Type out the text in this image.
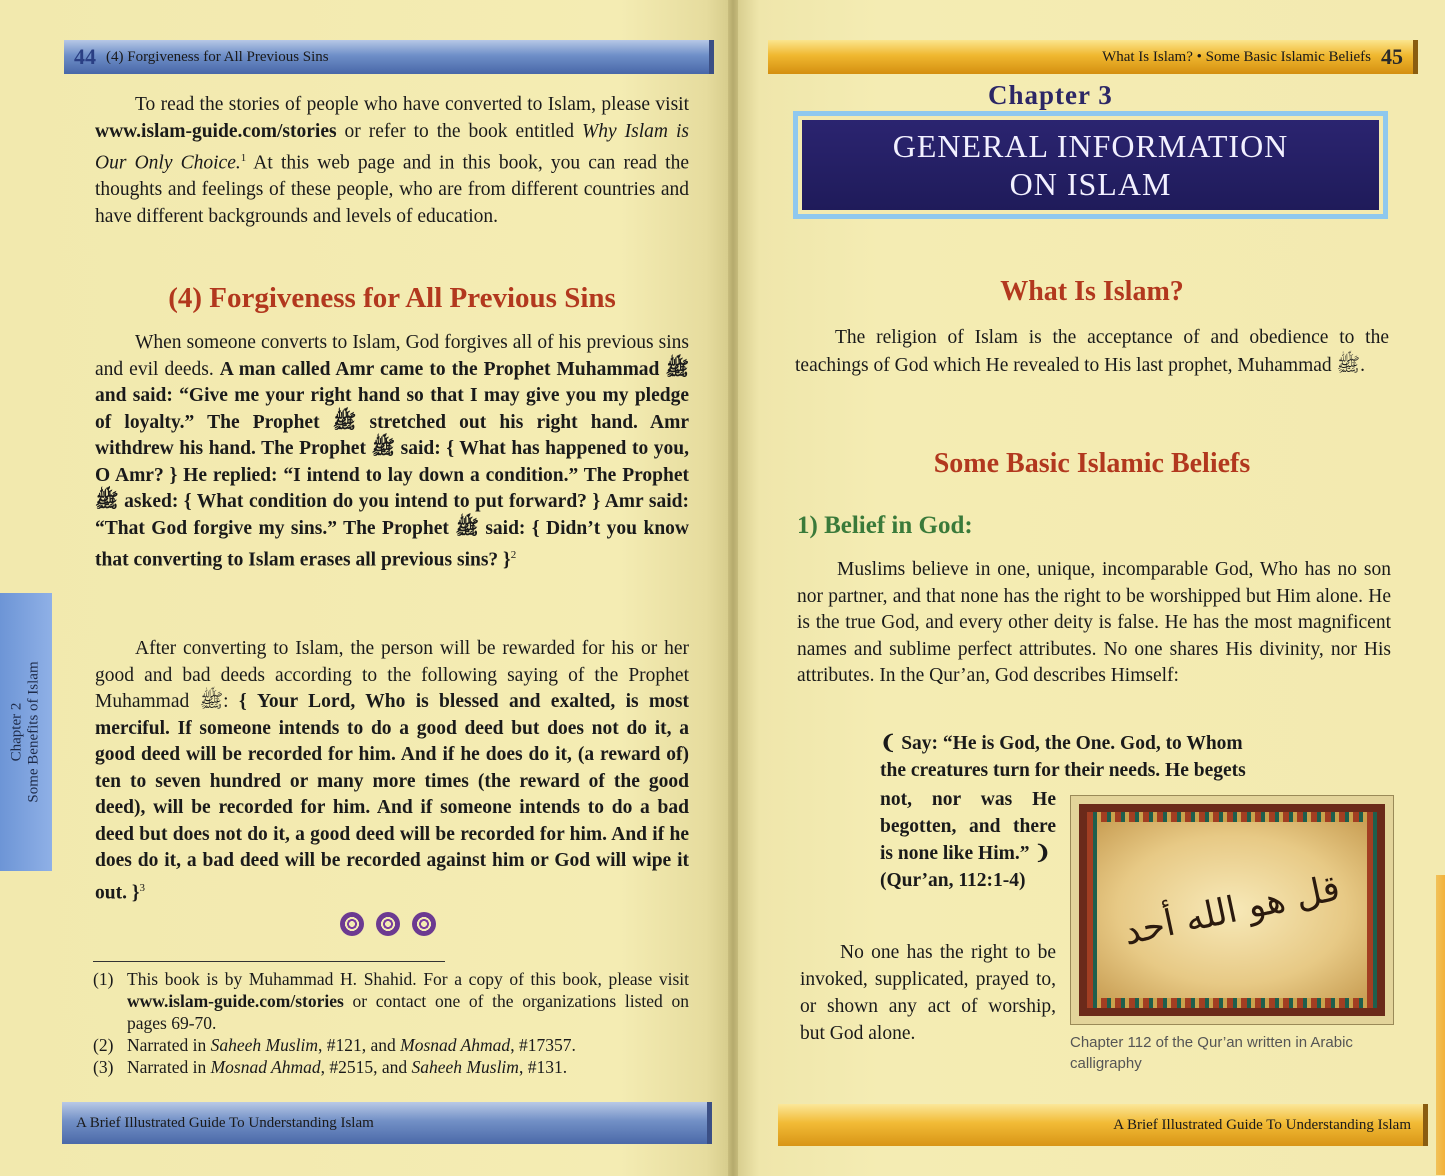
44 (4) Forgiveness for All Previous Sins

To read the stories of people who have converted to Islam, please visit www.islam-guide.com/stories or refer to the book entitled Why Islam is Our Only Choice.$^1$ At this web page and in this book, you can read the thoughts and feelings of these people, who are from different countries and have different backgrounds and levels of education.

(4) Forgiveness for All Previous Sins

When someone converts to Islam, God forgives all of his previous sins and evil deeds. A man called Amr came to the Prophet Muhammad ﷺ and said: “Give me your right hand so that I may give you my pledge of loyalty.” The Prophet ﷺ stretched out his right hand. Amr withdrew his hand. The Prophet ﷺ said: { What has happened to you, O Amr? } He replied: “I intend to lay down a condition.” The Prophet ﷺ asked: { What condition do you intend to put forward? } Amr said: “That God forgive my sins.” The Prophet ﷺ said: { Didn’t you know that converting to Islam erases all previous sins? }$^2$

After converting to Islam, the person will be rewarded for his or her good and bad deeds according to the following saying of the Prophet Muhammad ﷺ: { Your Lord, Who is blessed and exalted, is most merciful. If someone intends to do a good deed but does not do it, a good deed will be recorded for him. And if he does do it, (a reward of) ten to seven hundred or many more times (the reward of the good deed), will be recorded for him. And if someone intends to do a bad deed but does not do it, a good deed will be recorded for him. And if he does do it, a bad deed will be recorded against him or God will wipe it out. }$^3$

(1) This book is by Muhammad H. Shahid. For a copy of this book, please visit www.islam-guide.com/stories or contact one of the organizations listed on pages 69-70.
(2) Narrated in Saheeh Muslim, #121, and Mosnad Ahmad, #17357.
(3) Narrated in Mosnad Ahmad, #2515, and Saheeh Muslim, #131.
A Brief Illustrated Guide To Understanding Islam
Chapter 2 Some Benefits of Islam
What Is Islam? • Some Basic Islamic Beliefs 45
Chapter 3
GENERAL INFORMATION
ON ISLAM
What Is Islam?

The religion of Islam is the acceptance of and obedience to the teachings of God which He revealed to His last prophet, Muhammad ﷺ.

Some Basic Islamic Beliefs
1) Belief in God:

Muslims believe in one, unique, incomparable God, Who has no son nor partner, and that none has the right to be worshipped but Him alone. He is the true God, and every other deity is false. He has the most magnificent names and sublime perfect attributes. No one shares His divinity, nor His attributes. In the Qur’an, God describes Himself:

❨ Say: “He is God, the One. God, to Whom
the creatures turn for their needs. He begets
not, nor was He begotten, and there is none like Him.” ❩
(Qur’an, 112:1-4)

No one has the right to be invoked, supplicated, prayed to, or shown any act of worship, but God alone.

قل هو الله أحد
Chapter 112 of the Qur’an written in Arabic calligraphy
A Brief Illustrated Guide To Understanding Islam
